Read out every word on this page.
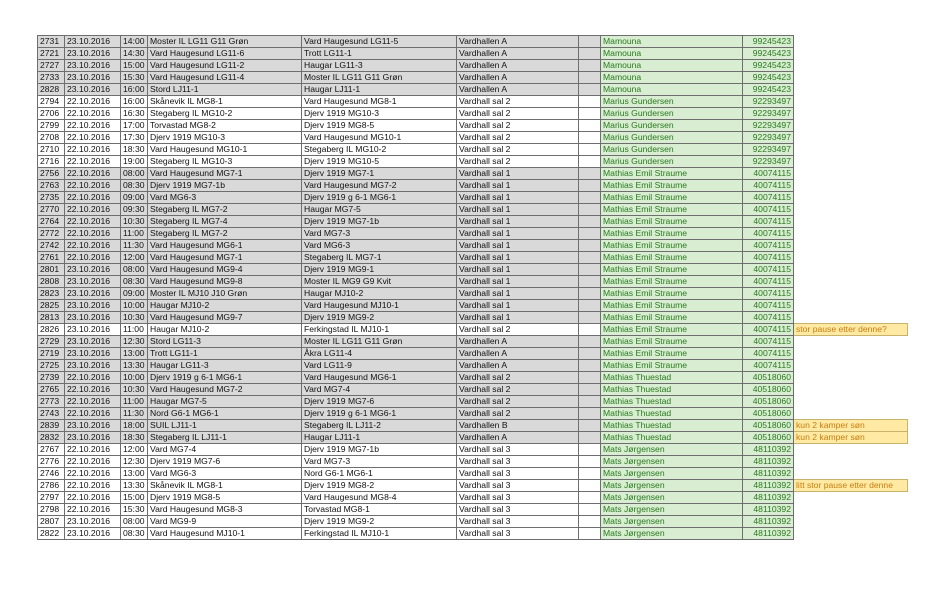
2731	23.10.2016	14:00	Moster IL LG11 G11 Grøn	Vard Haugesund LG11-5	Vardhallen A		Mamouna	99245423	
2721	23.10.2016	14:30	Vard Haugesund LG11-6	Trott LG11-1	Vardhallen A		Mamouna	99245423	
2727	23.10.2016	15:00	Vard Haugesund LG11-2	Haugar LG11-3	Vardhallen A		Mamouna	99245423	
2733	23.10.2016	15:30	Vard Haugesund LG11-4	Moster IL LG11 G11 Grøn	Vardhallen A		Mamouna	99245423	
2828	23.10.2016	16:00	Stord LJ11-1	Haugar LJ11-1	Vardhallen A		Mamouna	99245423	
2794	22.10.2016	16:00	Skånevik IL MG8-1	Vard Haugesund MG8-1	Vardhall sal 2		Marius Gundersen	92293497	
2706	22.10.2016	16:30	Stegaberg IL MG10-2	Djerv 1919 MG10-3	Vardhall sal 2		Marius Gundersen	92293497	
2799	22.10.2016	17:00	Torvastad MG8-2	Djerv 1919 MG8-5	Vardhall sal 2		Marius Gundersen	92293497	
2708	22.10.2016	17:30	Djerv 1919 MG10-3	Vard Haugesund MG10-1	Vardhall sal 2		Marius Gundersen	92293497	
2710	22.10.2016	18:30	Vard Haugesund MG10-1	Stegaberg IL MG10-2	Vardhall sal 2		Marius Gundersen	92293497	
2716	22.10.2016	19:00	Stegaberg IL MG10-3	Djerv 1919 MG10-5	Vardhall sal 2		Marius Gundersen	92293497	
2756	22.10.2016	08:00	Vard Haugesund MG7-1	Djerv 1919 MG7-1	Vardhall sal 1		Mathias Emil Straume	40074115	
2763	22.10.2016	08:30	Djerv 1919 MG7-1b	Vard Haugesund MG7-2	Vardhall sal 1		Mathias Emil Straume	40074115	
2735	22.10.2016	09:00	Vard MG6-3	Djerv 1919 g 6-1 MG6-1	Vardhall sal 1		Mathias Emil Straume	40074115	
2770	22.10.2016	09:30	Stegaberg IL MG7-2	Haugar MG7-5	Vardhall sal 1		Mathias Emil Straume	40074115	
2764	22.10.2016	10:30	Stegaberg IL MG7-4	Djerv 1919 MG7-1b	Vardhall sal 1		Mathias Emil Straume	40074115	
2772	22.10.2016	11:00	Stegaberg IL MG7-2	Vard MG7-3	Vardhall sal 1		Mathias Emil Straume	40074115	
2742	22.10.2016	11:30	Vard Haugesund MG6-1	Vard MG6-3	Vardhall sal 1		Mathias Emil Straume	40074115	
2761	22.10.2016	12:00	Vard Haugesund MG7-1	Stegaberg IL MG7-1	Vardhall sal 1		Mathias Emil Straume	40074115	
2801	23.10.2016	08:00	Vard Haugesund MG9-4	Djerv 1919 MG9-1	Vardhall sal 1		Mathias Emil Straume	40074115	
2808	23.10.2016	08:30	Vard Haugesund MG9-8	Moster IL MG9 G9 Kvit	Vardhall sal 1		Mathias Emil Straume	40074115	
2823	23.10.2016	09:00	Moster IL MJ10 J10 Grøn	Haugar MJ10-2	Vardhall sal 1		Mathias Emil Straume	40074115	
2825	23.10.2016	10:00	Haugar MJ10-2	Vard Haugesund MJ10-1	Vardhall sal 1		Mathias Emil Straume	40074115	
2813	23.10.2016	10:30	Vard Haugesund MG9-7	Djerv 1919 MG9-2	Vardhall sal 1		Mathias Emil Straume	40074115	
2826	23.10.2016	11:00	Haugar MJ10-2	Ferkingstad IL MJ10-1	Vardhall sal 2		Mathias Emil Straume	40074115	stor pause etter denne?
2729	23.10.2016	12:30	Stord LG11-3	Moster IL LG11 G11 Grøn	Vardhallen A		Mathias Emil Straume	40074115	
2719	23.10.2016	13:00	Trott LG11-1	Åkra LG11-4	Vardhallen A		Mathias Emil Straume	40074115	
2725	23.10.2016	13:30	Haugar LG11-3	Vard LG11-9	Vardhallen A		Mathias Emil Straume	40074115	
2739	22.10.2016	10:00	Djerv 1919 g 6-1 MG6-1	Vard Haugesund MG6-1	Vardhall sal 2		Mathias Thuestad	40518060	
2765	22.10.2016	10:30	Vard Haugesund MG7-2	Vard MG7-4	Vardhall sal 2		Mathias Thuestad	40518060	
2773	22.10.2016	11:00	Haugar MG7-5	Djerv 1919 MG7-6	Vardhall sal 2		Mathias Thuestad	40518060	
2743	22.10.2016	11:30	Nord G6-1 MG6-1	Djerv 1919 g 6-1 MG6-1	Vardhall sal 2		Mathias Thuestad	40518060	
2839	23.10.2016	18:00	SUIL LJ11-1	Stegaberg IL LJ11-2	Vardhallen B		Mathias Thuestad	40518060	kun 2 kamper søn
2832	23.10.2016	18:30	Stegaberg IL LJ11-1	Haugar LJ11-1	Vardhallen A		Mathias Thuestad	40518060	kun 2 kamper søn
2767	22.10.2016	12:00	Vard MG7-4	Djerv 1919 MG7-1b	Vardhall sal 3		Mats Jørgensen	48110392	
2776	22.10.2016	12:30	Djerv 1919 MG7-6	Vard MG7-3	Vardhall sal 3		Mats Jørgensen	48110392	
2746	22.10.2016	13:00	Vard MG6-3	Nord G6-1 MG6-1	Vardhall sal 3		Mats Jørgensen	48110392	
2786	22.10.2016	13:30	Skånevik IL MG8-1	Djerv 1919 MG8-2	Vardhall sal 3		Mats Jørgensen	48110392	litt stor pause etter denne
2797	22.10.2016	15:00	Djerv 1919 MG8-5	Vard Haugesund MG8-4	Vardhall sal 3		Mats Jørgensen	48110392	
2798	22.10.2016	15:30	Vard Haugesund MG8-3	Torvastad MG8-1	Vardhall sal 3		Mats Jørgensen	48110392	
2807	23.10.2016	08:00	Vard MG9-9	Djerv 1919 MG9-2	Vardhall sal 3		Mats Jørgensen	48110392	
2822	23.10.2016	08:30	Vard Haugesund MJ10-1	Ferkingstad IL MJ10-1	Vardhall sal 3		Mats Jørgensen	48110392	
